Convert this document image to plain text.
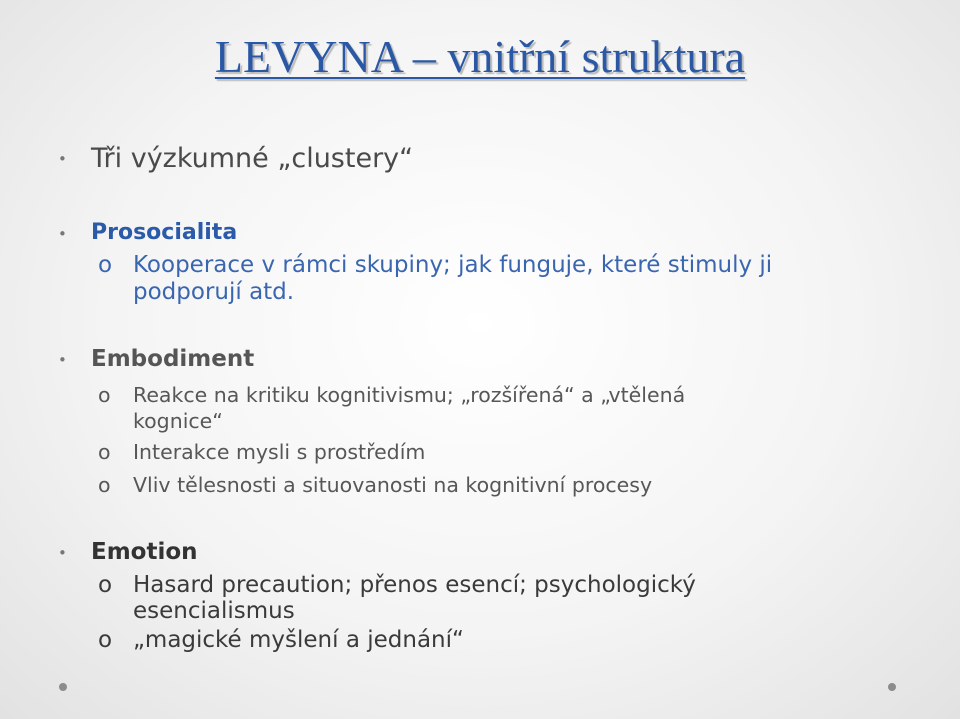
LEVYNA – vnitřní struktura
• Tři výzkumné „clustery“
• Prosocialita
o Kooperace v rámci skupiny; jak funguje, které stimuly ji
podporují atd.
• Embodiment
o Reakce na kritiku kognitivismu; „rozšířená“ a „vtělená
kognice“
o Interakce mysli s prostředím
o Vliv tělesnosti a situovanosti na kognitivní procesy
• Emotion
o Hasard precaution; přenos esencí; psychologický
esencialismus
o „magické myšlení a jednání“
